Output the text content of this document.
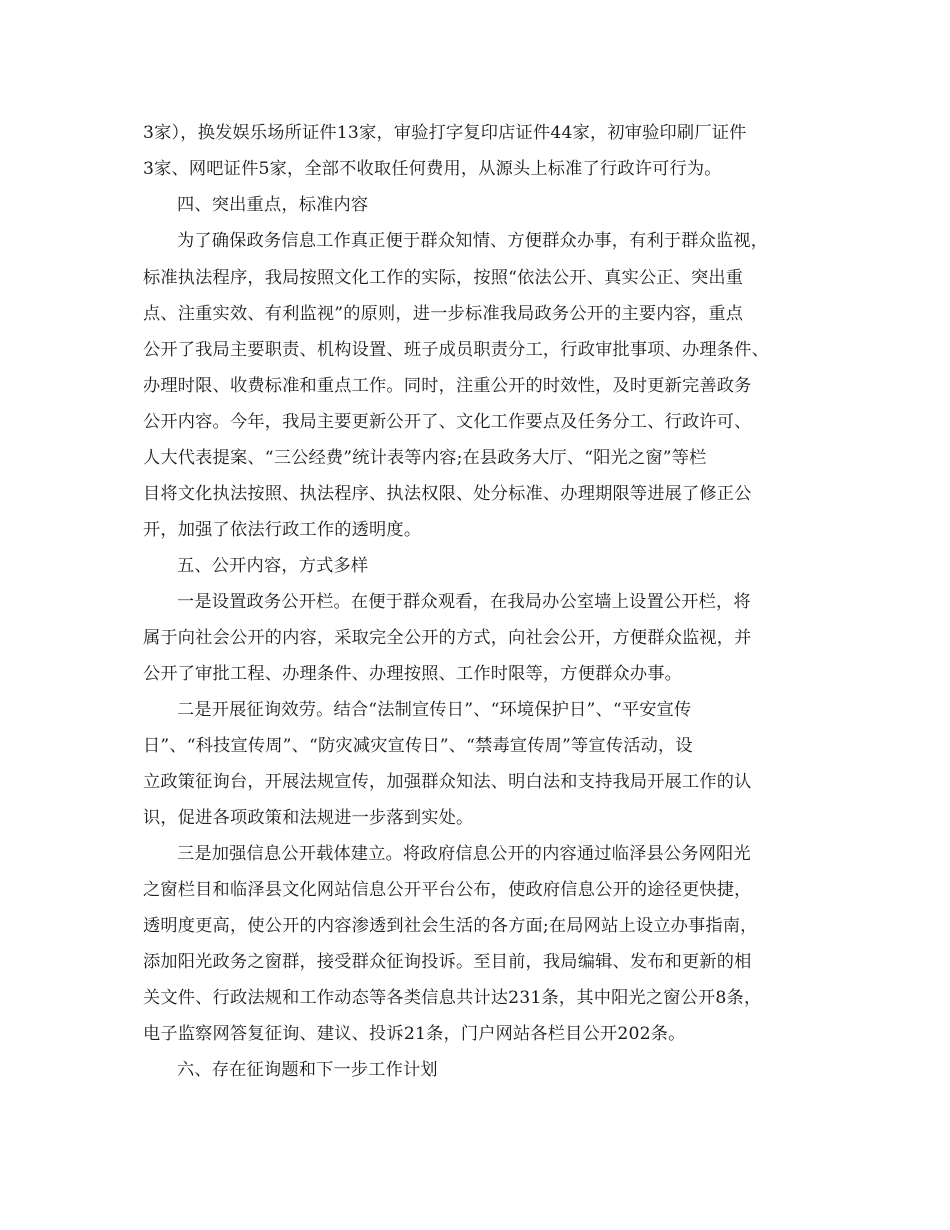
3家），换发娱乐场所证件13家，审验打字复印店证件44家，初审验印刷厂证件
3家、网吧证件5家，全部不收取任何费用，从源头上标准了行政许可行为。
四、突出重点，标准内容
为了确保政务信息工作真正便于群众知情、方便群众办事，有利于群众监视，
标准执法程序，我局按照文化工作的实际，按照“依法公开、真实公正、突出重
点、注重实效、有利监视”的原则，进一步标准我局政务公开的主要内容，重点
公开了我局主要职责、机构设置、班子成员职责分工，行政审批事项、办理条件、
办理时限、收费标准和重点工作。同时，注重公开的时效性，及时更新完善政务
公开内容。今年，我局主要更新公开了、文化工作要点及任务分工、行政许可、
人大代表提案、“三公经费”统计表等内容;在县政务大厅、“阳光之窗”等栏
目将文化执法按照、执法程序、执法权限、处分标准、办理期限等进展了修正公
开，加强了依法行政工作的透明度。
五、公开内容，方式多样
一是设置政务公开栏。在便于群众观看，在我局办公室墙上设置公开栏，将
属于向社会公开的内容，采取完全公开的方式，向社会公开，方便群众监视，并
公开了审批工程、办理条件、办理按照、工作时限等，方便群众办事。
二是开展征询效劳。结合“法制宣传日”、“环境保护日”、“平安宣传
日”、“科技宣传周”、“防灾减灾宣传日”、“禁毒宣传周”等宣传活动，设
立政策征询台，开展法规宣传，加强群众知法、明白法和支持我局开展工作的认
识，促进各项政策和法规进一步落到实处。
三是加强信息公开载体建立。将政府信息公开的内容通过临泽县公务网阳光
之窗栏目和临泽县文化网站信息公开平台公布，使政府信息公开的途径更快捷，
透明度更高，使公开的内容渗透到社会生活的各方面;在局网站上设立办事指南，
添加阳光政务之窗群，接受群众征询投诉。至目前，我局编辑、发布和更新的相
关文件、行政法规和工作动态等各类信息共计达231条，其中阳光之窗公开8条，
电子监察网答复征询、建议、投诉21条，门户网站各栏目公开202条。
六、存在征询题和下一步工作计划
